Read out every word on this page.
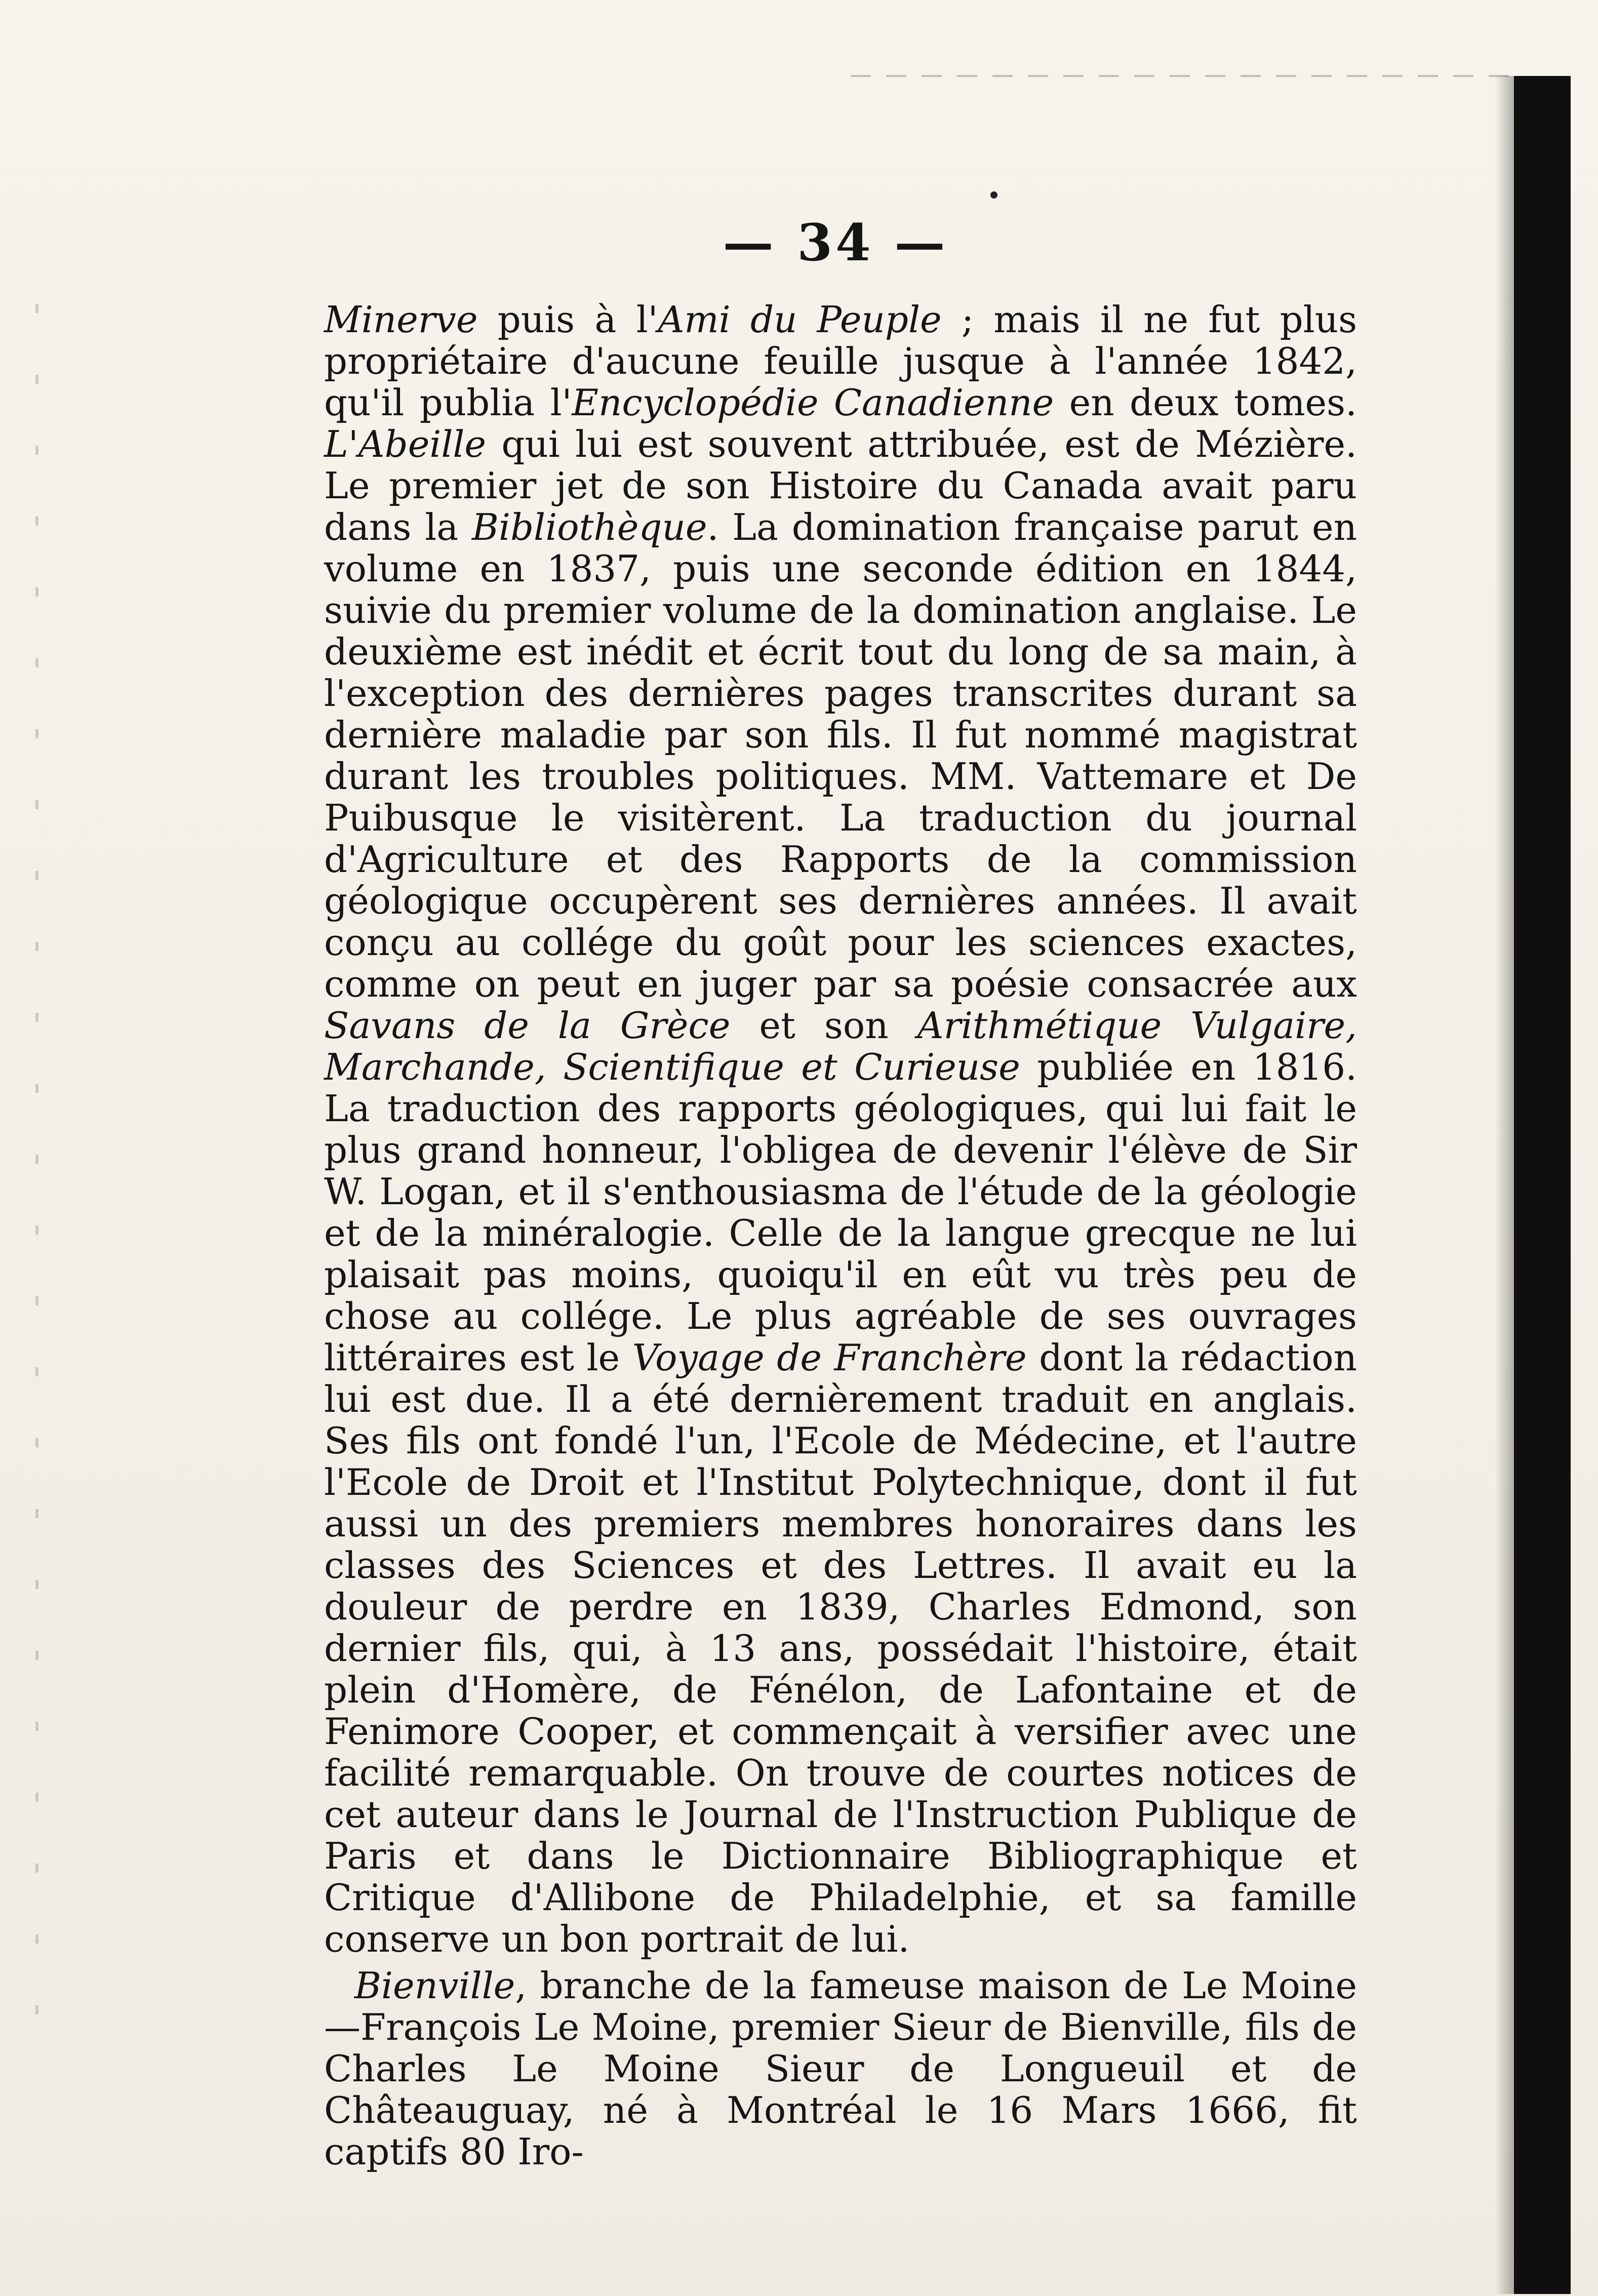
— 34 —

Minerve puis à l'Ami du Peuple ; mais il ne fut plus propriétaire d'aucune feuille jusque à l'année 1842, qu'il publia l'Encyclopédie Canadienne en deux tomes. L'Abeille qui lui est souvent attribuée, est de Mézière. Le premier jet de son Histoire du Canada avait paru dans la Bibliothèque. La domination française parut en volume en 1837, puis une seconde édition en 1844, suivie du premier volume de la domination anglaise. Le deuxième est inédit et écrit tout du long de sa main, à l'exception des dernières pages transcrites durant sa dernière maladie par son fils. Il fut nommé magistrat durant les troubles politiques. MM. Vattemare et De Puibusque le visitèrent. La traduction du journal d'Agriculture et des Rapports de la commission géologique occupèrent ses dernières années. Il avait conçu au collége du goût pour les sciences exactes, comme on peut en juger par sa poésie consacrée aux Savans de la Grèce et son Arithmétique Vulgaire, Marchande, Scientifique et Curieuse publiée en 1816. La traduction des rapports géologiques, qui lui fait le plus grand honneur, l'obligea de devenir l'élève de Sir W. Logan, et il s'enthousiasma de l'étude de la géologie et de la minéralogie. Celle de la langue grecque ne lui plaisait pas moins, quoiqu'il en eût vu très peu de chose au collége. Le plus agréable de ses ouvrages littéraires est le Voyage de Franchère dont la rédaction lui est due. Il a été dernièrement traduit en anglais. Ses fils ont fondé l'un, l'Ecole de Médecine, et l'autre l'Ecole de Droit et l'Institut Polytechnique, dont il fut aussi un des premiers membres honoraires dans les classes des Sciences et des Lettres. Il avait eu la douleur de perdre en 1839, Charles Edmond, son dernier fils, qui, à 13 ans, possédait l'histoire, était plein d'Homère, de Fénélon, de Lafontaine et de Fenimore Cooper, et commençait à versifier avec une facilité remarquable. On trouve de courtes notices de cet auteur dans le Journal de l'Instruction Publique de Paris et dans le Dictionnaire Bibliographique et Critique d'Allibone de Philadelphie, et sa famille conserve un bon portrait de lui.

Bienville, branche de la fameuse maison de Le Moine —François Le Moine, premier Sieur de Bienville, fils de Charles Le Moine Sieur de Longueuil et de Châteauguay, né à Montréal le 16 Mars 1666, fit captifs 80 Iro-
